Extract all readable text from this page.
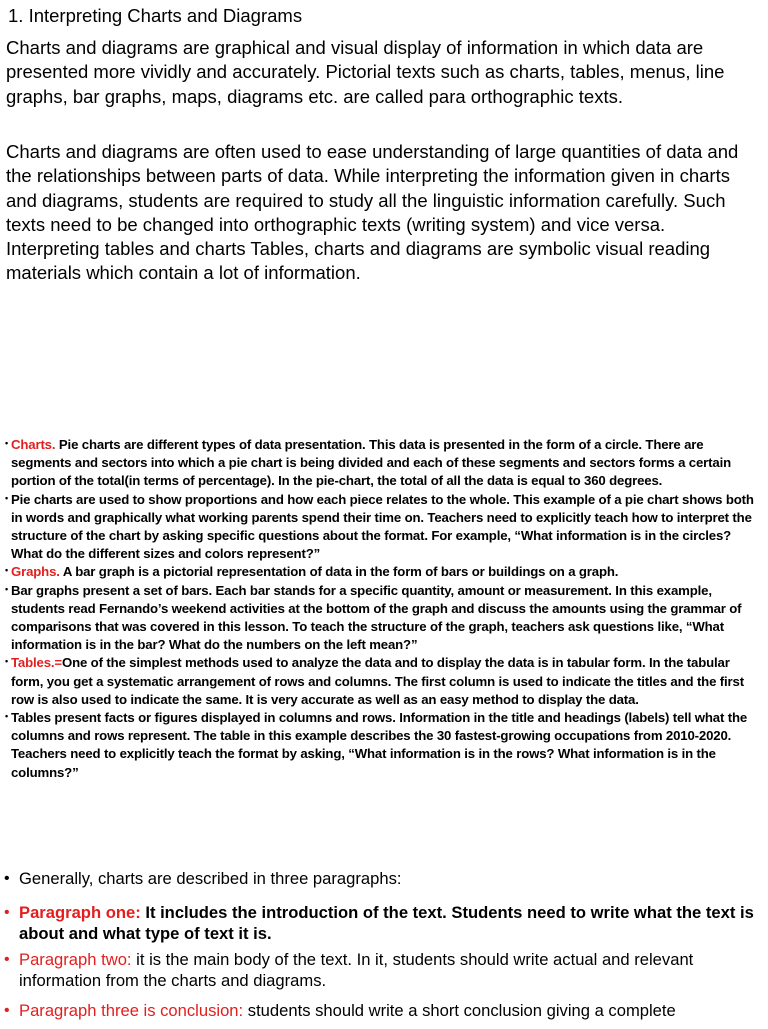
1. Interpreting Charts and Diagrams

Charts and diagrams are graphical and visual display of information in which data are presented more vividly and accurately. Pictorial texts such as charts, tables, menus, line graphs, bar graphs, maps, diagrams etc. are called para orthographic texts.

Charts and diagrams are often used to ease understanding of large quantities of data and the relationships between parts of data. While interpreting the information given in charts and diagrams, students are required to study all the linguistic information carefully. Such texts need to be changed into orthographic texts (writing system) and vice versa. Interpreting tables and charts Tables, charts and diagrams are symbolic visual reading materials which contain a lot of information.

• Charts. Pie charts are different types of data presentation. This data is presented in the form of a circle. There are segments and sectors into which a pie chart is being divided and each of these segments and sectors forms a certain portion of the total(in terms of percentage). In the pie-chart, the total of all the data is equal to 360 degrees.

• Pie charts are used to show proportions and how each piece relates to the whole. This example of a pie chart shows both in words and graphically what working parents spend their time on. Teachers need to explicitly teach how to interpret the structure of the chart by asking specific questions about the format. For example, “What information is in the circles? What do the different sizes and colors represent?”

• Graphs. A bar graph is a pictorial representation of data in the form of bars or buildings on a graph.

• Bar graphs present a set of bars. Each bar stands for a specific quantity, amount or measurement. In this example, students read Fernando’s weekend activities at the bottom of the graph and discuss the amounts using the grammar of comparisons that was covered in this lesson. To teach the structure of the graph, teachers ask questions like, “What information is in the bar? What do the numbers on the left mean?”

• Tables.=One of the simplest methods used to analyze the data and to display the data is in tabular form. In the tabular form, you get a systematic arrangement of rows and columns. The first column is used to indicate the titles and the first row is also used to indicate the same. It is very accurate as well as an easy method to display the data.

• Tables present facts or figures displayed in columns and rows. Information in the title and headings (labels) tell what the columns and rows represent. The table in this example describes the 30 fastest-growing occupations from 2010-2020. Teachers need to explicitly teach the format by asking, “What information is in the rows? What information is in the columns?”

• Generally, charts are described in three paragraphs:

• Paragraph one: It includes the introduction of the text. Students need to write what the text is about and what type of text it is.

• Paragraph two: it is the main body of the text. In it, students should write actual and relevant information from the charts and diagrams.

• Paragraph three is conclusion: students should write a short conclusion giving a complete
